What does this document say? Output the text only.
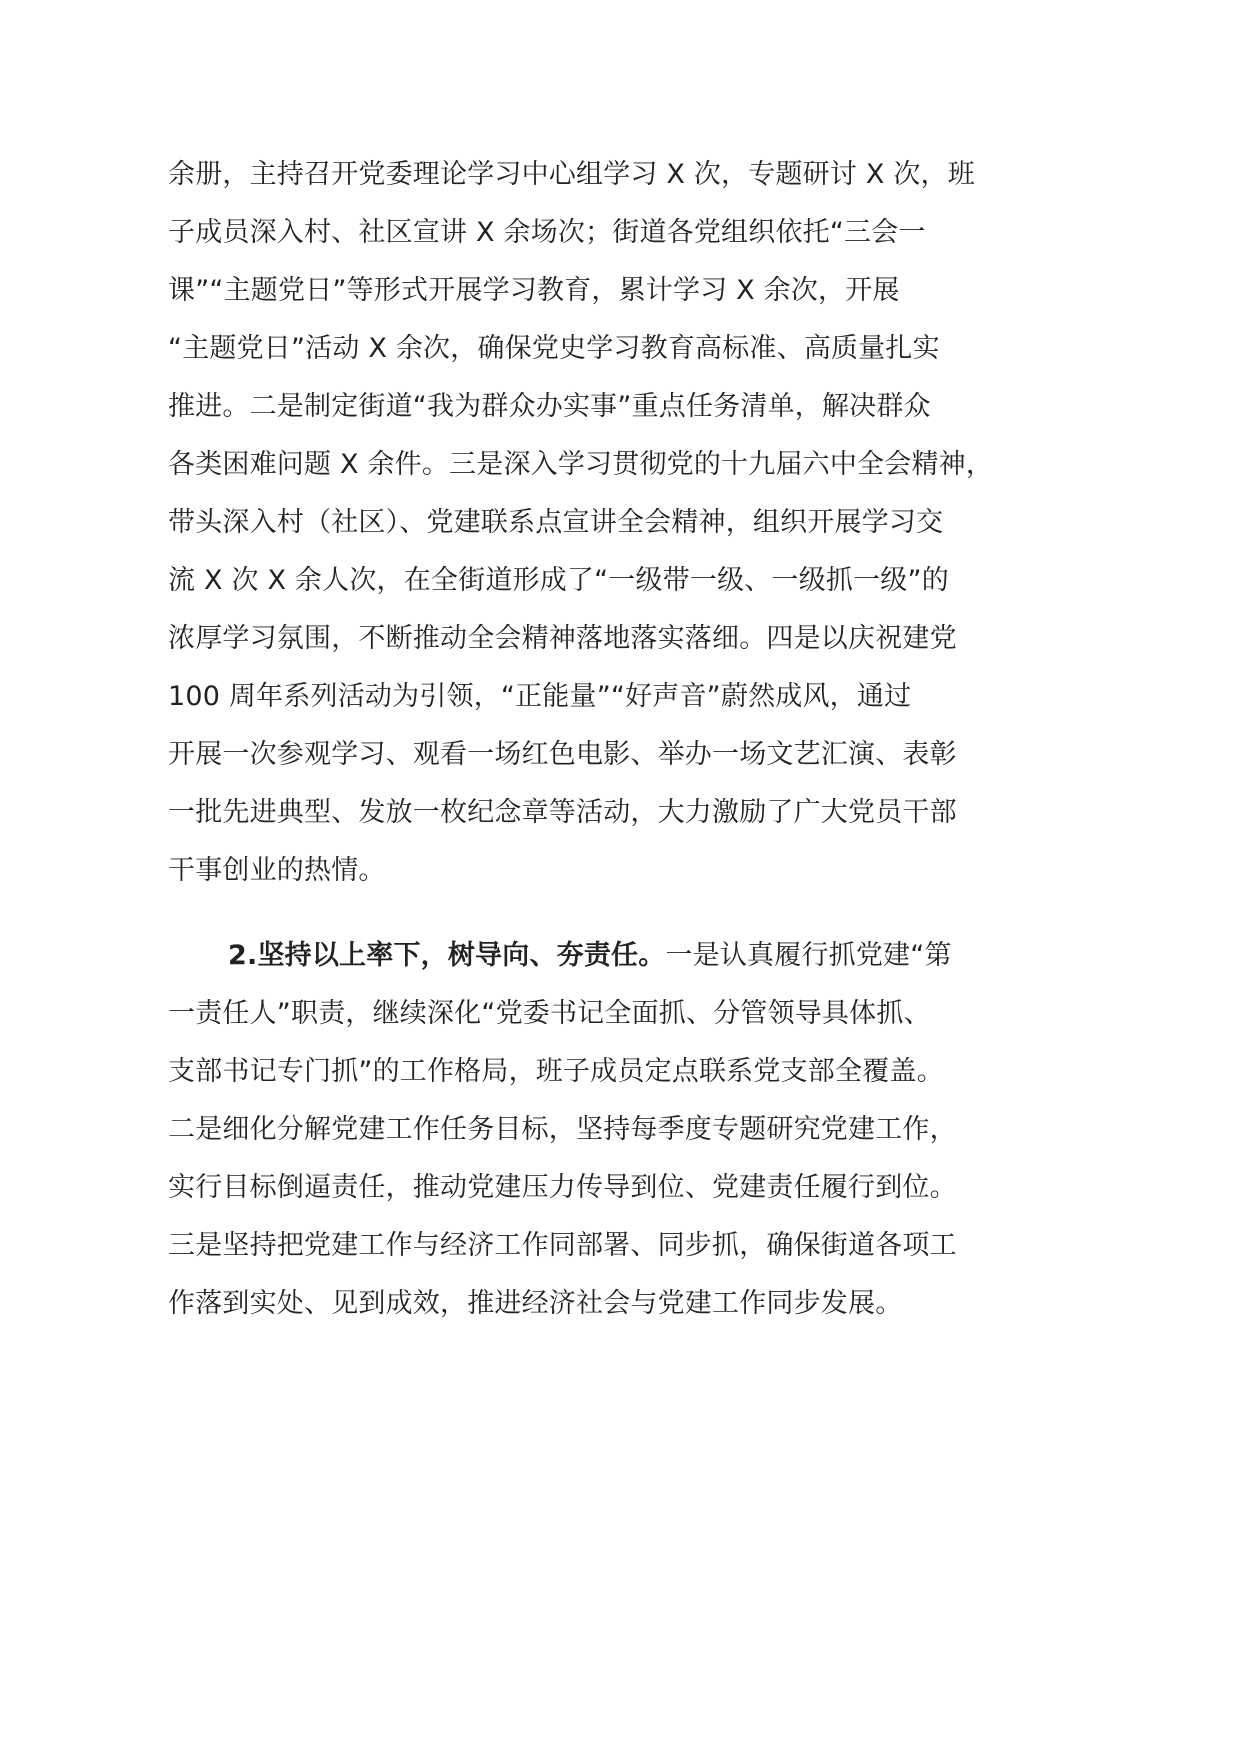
余册，主持召开党委理论学习中心组学习 X 次，专题研讨 X 次，班
子成员深入村、社区宣讲 X 余场次；街道各党组织依托“三会一
课”“主题党日”等形式开展学习教育，累计学习 X 余次，开展
“主题党日”活动 X 余次，确保党史学习教育高标准、高质量扎实
推进。二是制定街道“我为群众办实事”重点任务清单，解决群众
各类困难问题 X 余件。三是深入学习贯彻党的十九届六中全会精神，
带头深入村（社区）、党建联系点宣讲全会精神，组织开展学习交
流 X 次 X 余人次，在全街道形成了“一级带一级、一级抓一级”的
浓厚学习氛围，不断推动全会精神落地落实落细。四是以庆祝建党
100 周年系列活动为引领，“正能量”“好声音”蔚然成风，通过
开展一次参观学习、观看一场红色电影、举办一场文艺汇演、表彰
一批先进典型、发放一枚纪念章等活动，大力激励了广大党员干部
干事创业的热情。
2.坚持以上率下，树导向、夯责任。一是认真履行抓党建“第
一责任人”职责，继续深化“党委书记全面抓、分管领导具体抓、
支部书记专门抓”的工作格局，班子成员定点联系党支部全覆盖。
二是细化分解党建工作任务目标，坚持每季度专题研究党建工作，
实行目标倒逼责任，推动党建压力传导到位、党建责任履行到位。
三是坚持把党建工作与经济工作同部署、同步抓，确保街道各项工
作落到实处、见到成效，推进经济社会与党建工作同步发展。
